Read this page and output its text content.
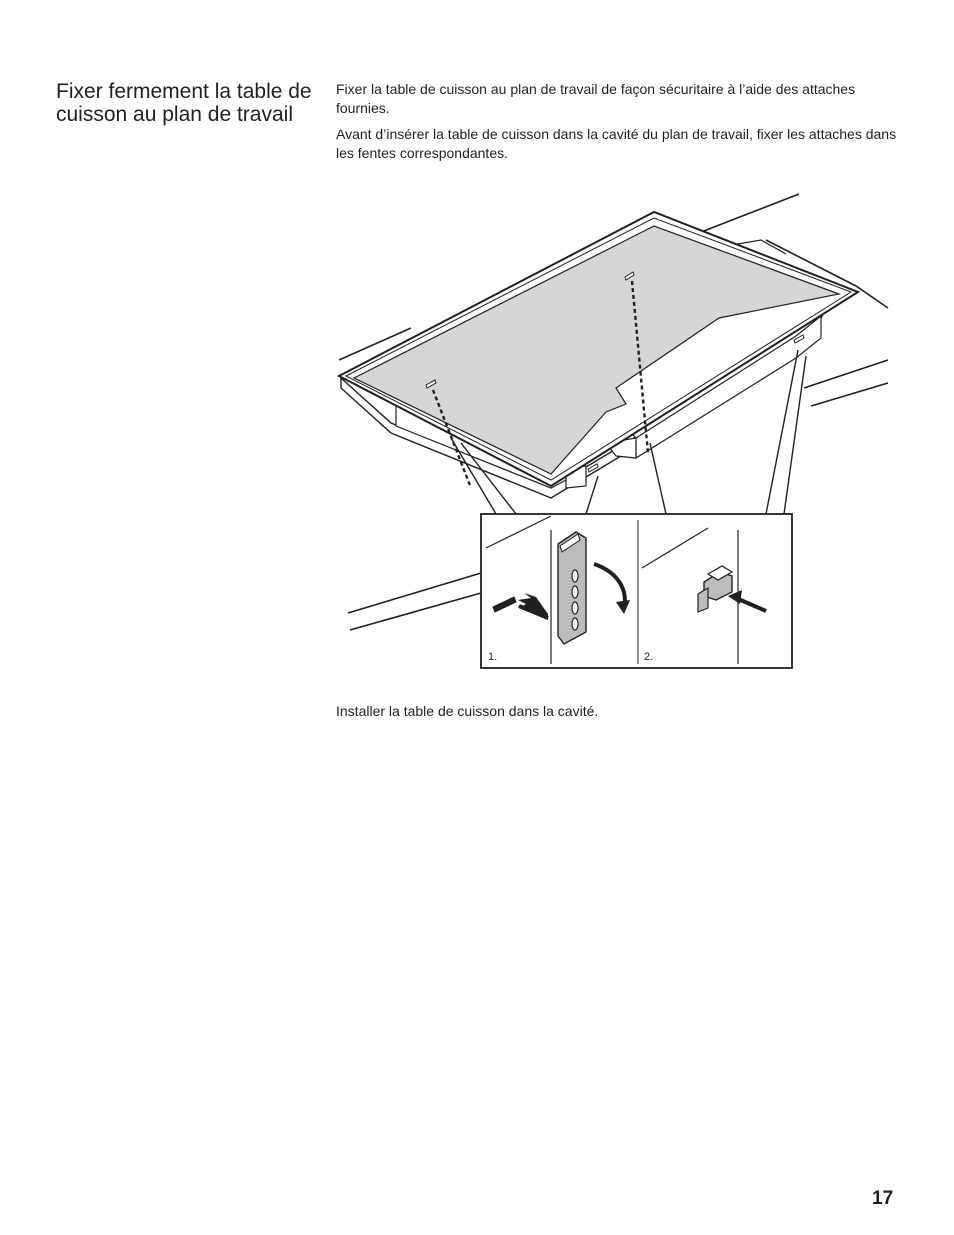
Fixer fermement la table de cuisson au plan de travail

Fixer la table de cuisson au plan de travail de façon sécuritaire à l’aide des attaches fournies.

Avant d’insérer la table de cuisson dans la cavité du plan de travail, fixer les attaches dans les fentes correspondantes.

1.	2.

Installer la table de cuisson dans la cavité.

17
